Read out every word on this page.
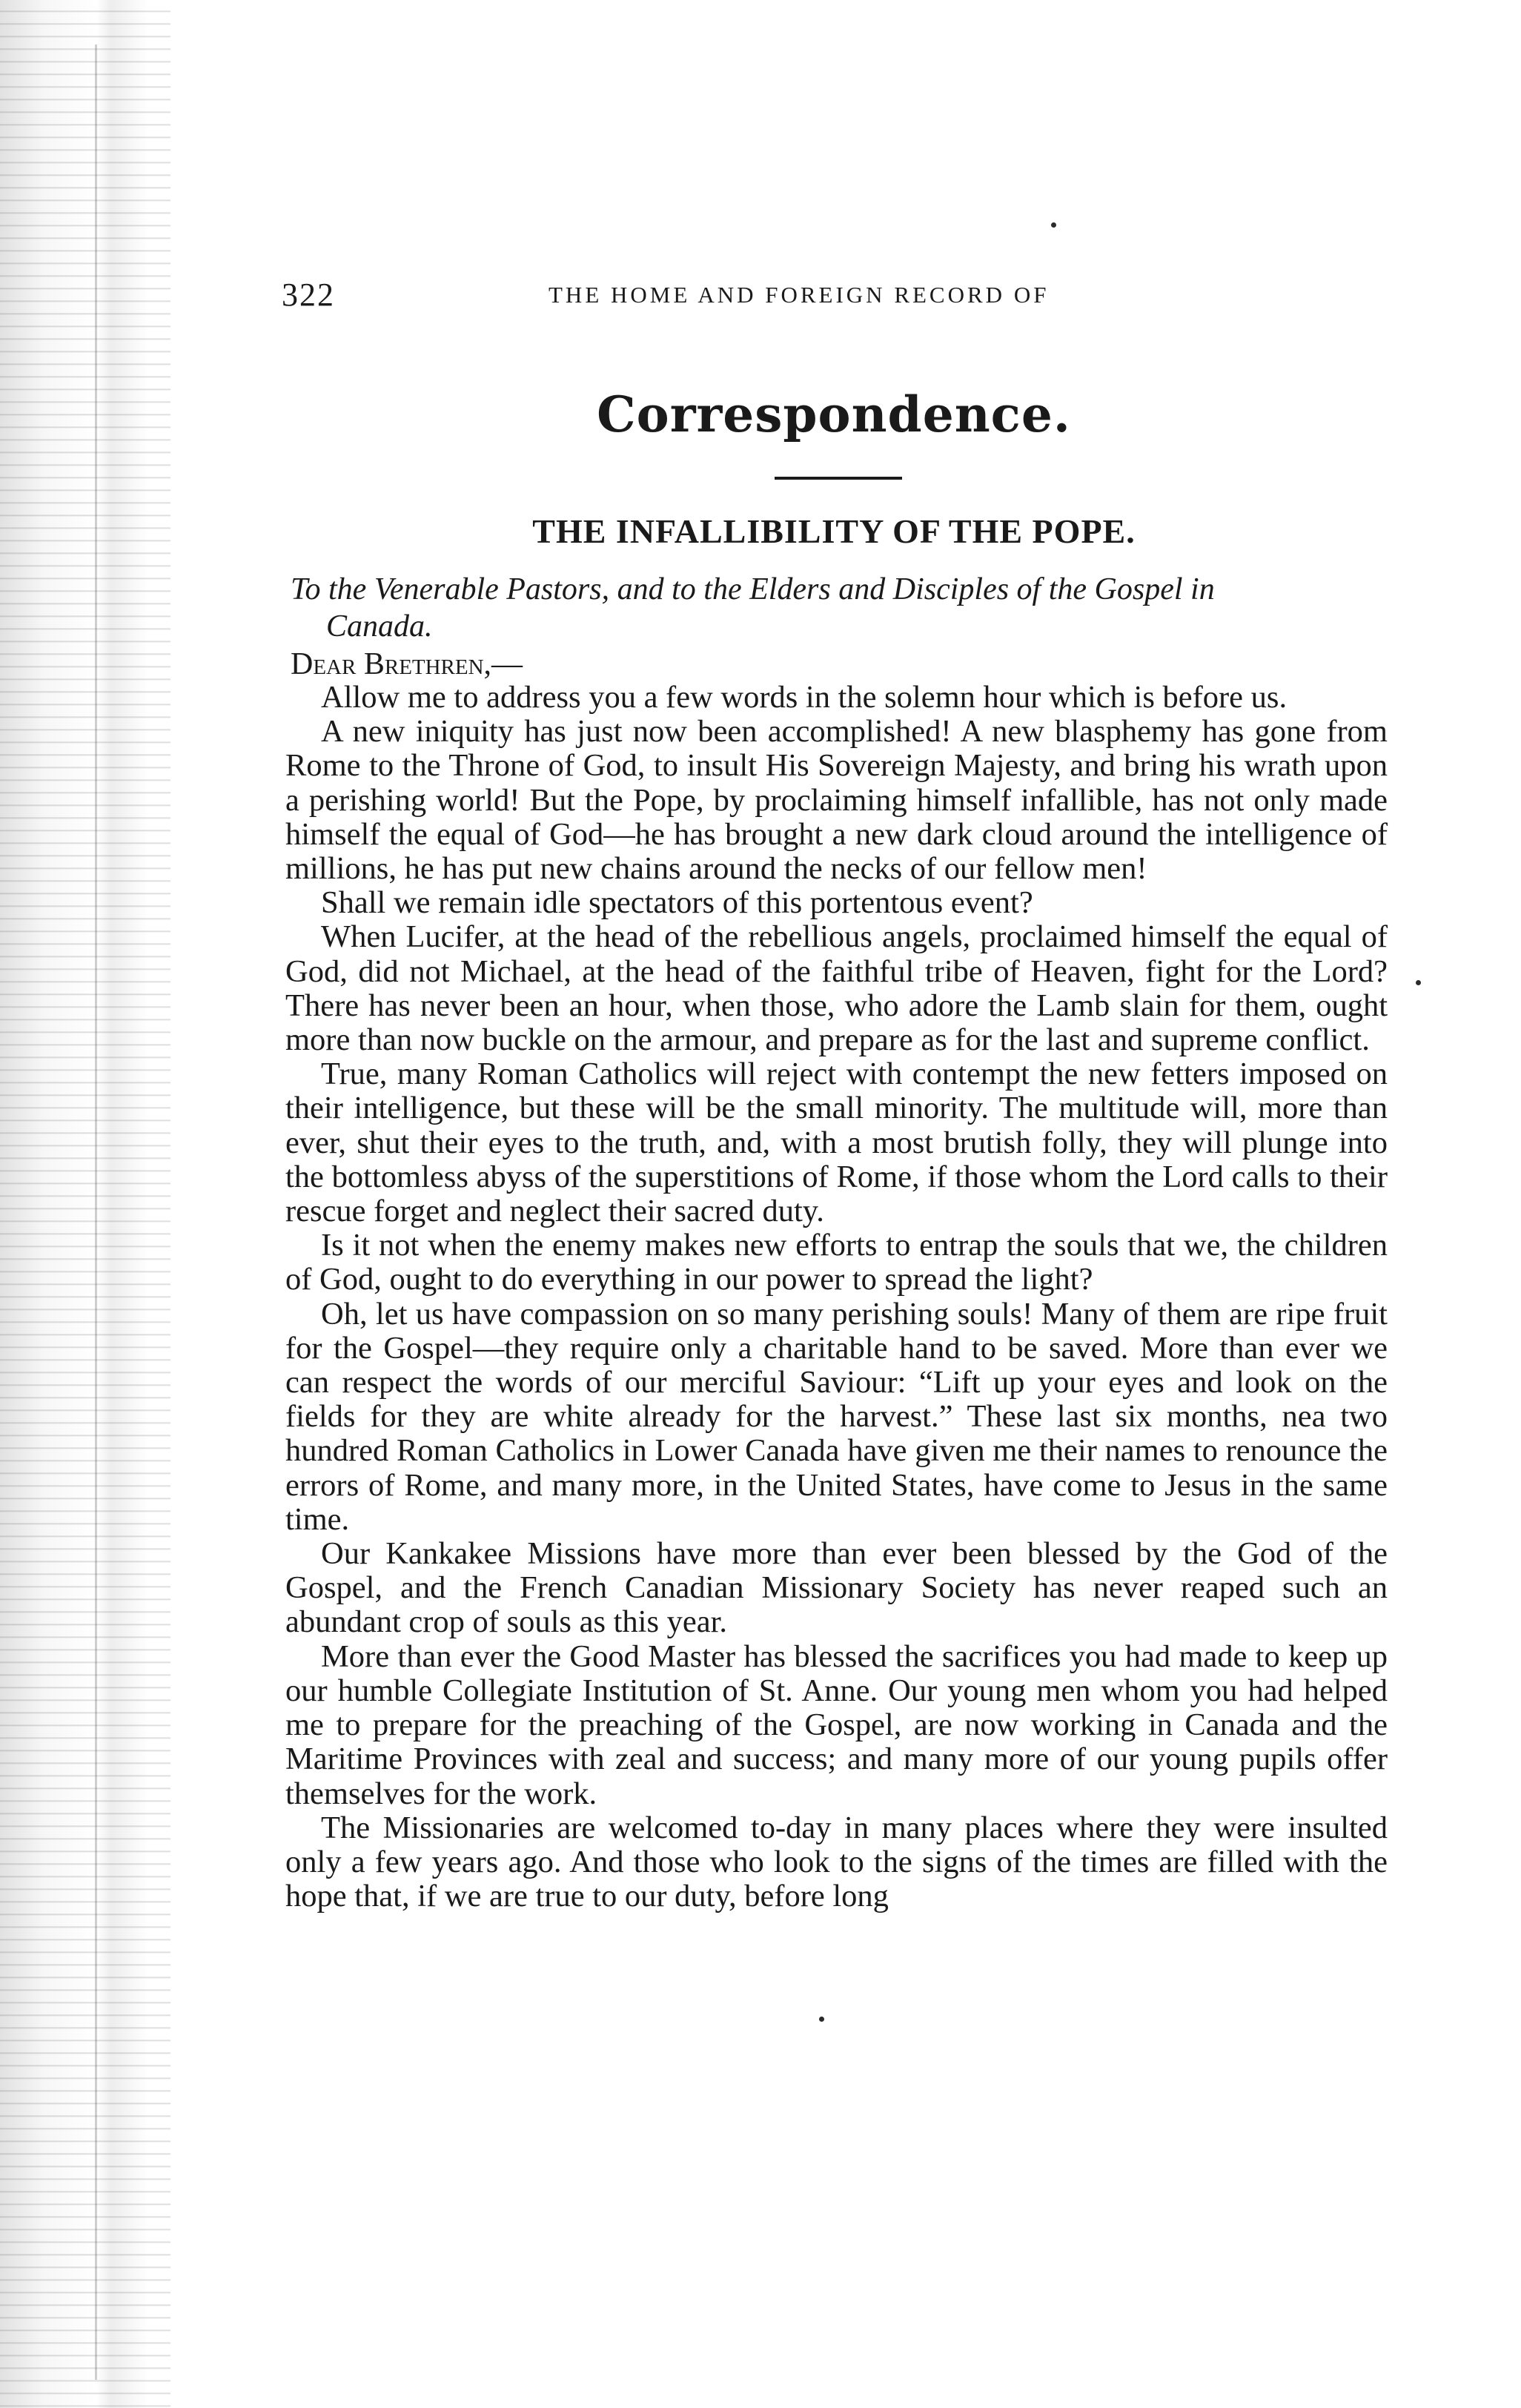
322	THE HOME AND FOREIGN RECORD OF
Correspondence.
THE INFALLIBILITY OF THE POPE.
To the Venerable Pastors, and to the Elders and Disciples of the Gospel in
Canada.
Dear Brethren,—

Allow me to address you a few words in the solemn hour which is before us.

A new iniquity has just now been accomplished! A new blasphemy has gone from Rome to the Throne of God, to insult His Sovereign Majesty, and bring his wrath upon a perishing world! But the Pope, by proclaiming himself infallible, has not only made himself the equal of God—he has brought a new dark cloud around the intelligence of millions, he has put new chains around the necks of our fellow men!

Shall we remain idle spectators of this portentous event?

When Lucifer, at the head of the rebellious angels, proclaimed himself the equal of God, did not Michael, at the head of the faithful tribe of Heaven, fight for the Lord? There has never been an hour, when those, who adore the Lamb slain for them, ought more than now buckle on the armour, and prepare as for the last and supreme conflict.

True, many Roman Catholics will reject with contempt the new fetters imposed on their intelligence, but these will be the small minority. The multitude will, more than ever, shut their eyes to the truth, and, with a most brutish folly, they will plunge into the bottomless abyss of the superstitions of Rome, if those whom the Lord calls to their rescue forget and neglect their sacred duty.

Is it not when the enemy makes new efforts to entrap the souls that we, the children of God, ought to do everything in our power to spread the light?

Oh, let us have compassion on so many perishing souls! Many of them are ripe fruit for the Gospel—they require only a charitable hand to be saved. More than ever we can respect the words of our merciful Saviour: “Lift up your eyes and look on the fields for they are white already for the harvest.” These last six months, nea two hundred Roman Catholics in Lower Canada have given me their names to renounce the errors of Rome, and many more, in the United States, have come to Jesus in the same time.

Our Kankakee Missions have more than ever been blessed by the God of the Gospel, and the French Canadian Missionary Society has never reaped such an abundant crop of souls as this year.

More than ever the Good Master has blessed the sacrifices you had made to keep up our humble Collegiate Institution of St. Anne. Our young men whom you had helped me to prepare for the preaching of the Gospel, are now working in Canada and the Maritime Provinces with zeal and success; and many more of our young pupils offer themselves for the work.

The Missionaries are welcomed to-day in many places where they were insulted only a few years ago. And those who look to the signs of the times are filled with the hope that, if we are true to our duty, before long
